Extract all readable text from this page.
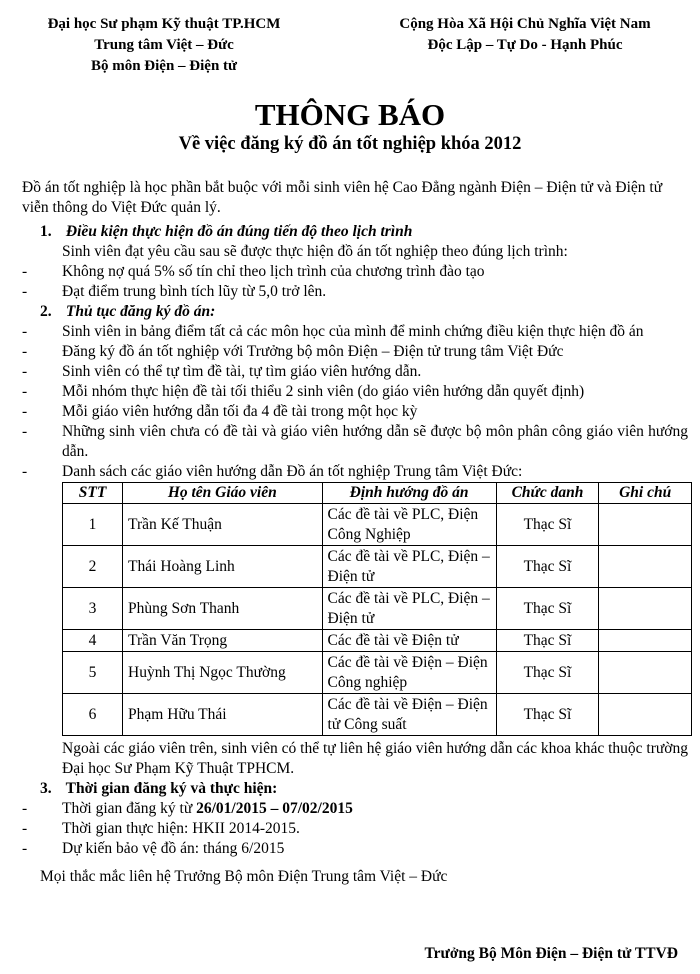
Đại học Sư phạm Kỹ thuật TP.HCM
Trung tâm Việt – Đức
Bộ môn Điện – Điện tử
Cộng Hòa Xã Hội Chủ Nghĩa Việt Nam
Độc Lập – Tự Do - Hạnh Phúc
THÔNG BÁO
Về việc đăng ký đồ án tốt nghiệp khóa 2012

Đồ án tốt nghiệp là học phần bắt buộc với mỗi sinh viên hệ Cao Đẳng ngành Điện – Điện tử và Điện tử viễn thông do Việt Đức quản lý.

1. Điều kiện thực hiện đồ án đúng tiến độ theo lịch trình

Sinh viên đạt yêu cầu sau sẽ được thực hiện đồ án tốt nghiệp theo đúng lịch trình:

-	Không nợ quá 5% số tín chỉ theo lịch trình của chương trình đào tạo

-	Đạt điểm trung bình tích lũy từ 5,0 trở lên.

2. Thủ tục đăng ký đồ án:

-	Sinh viên in bảng điểm tất cả các môn học của mình để minh chứng điều kiện thực hiện đồ án

-	Đăng ký đồ án tốt nghiệp với Trưởng bộ môn Điện – Điện tử trung tâm Việt Đức

-	Sinh viên có thể tự tìm đề tài, tự tìm giáo viên hướng dẫn.

-	Mỗi nhóm thực hiện đề tài tối thiểu 2 sinh viên (do giáo viên hướng dẫn quyết định)

-	Mỗi giáo viên hướng dẫn tối đa 4 đề tài trong một học kỳ

-	Những sinh viên chưa có đề tài và giáo viên hướng dẫn sẽ được bộ môn phân công giáo viên hướng dẫn.

-	Danh sách các giáo viên hướng dẫn Đồ án tốt nghiệp Trung tâm Việt Đức:

STT	Họ tên Giáo viên	Định hướng đồ án	Chức danh	Ghi chú
1	Trần Kế Thuận	Các đề tài về PLC, Điện Công Nghiệp	Thạc Sĩ	
2	Thái Hoàng Linh	Các đề tài về PLC, Điện – Điện tử	Thạc Sĩ	
3	Phùng Sơn Thanh	Các đề tài về PLC, Điện – Điện tử	Thạc Sĩ	
4	Trần Văn Trọng	Các đề tài về Điện tử	Thạc Sĩ	
5	Huỳnh Thị Ngọc Thường	Các đề tài về Điện – Điện Công nghiệp	Thạc Sĩ	
6	Phạm Hữu Thái	Các đề tài về Điện – Điện tử Công suất	Thạc Sĩ	

Ngoài các giáo viên trên, sinh viên có thể tự liên hệ giáo viên hướng dẫn các khoa khác thuộc trường Đại học Sư Phạm Kỹ Thuật TPHCM.

3. Thời gian đăng ký và thực hiện:

-	Thời gian đăng ký từ 26/01/2015 – 07/02/2015

-	Thời gian thực hiện: HKII 2014-2015.

-	Dự kiến bảo vệ đồ án: tháng 6/2015

Mọi thắc mắc liên hệ Trưởng Bộ môn Điện Trung tâm Việt – Đức

Trưởng Bộ Môn Điện – Điện tử TTVĐ
